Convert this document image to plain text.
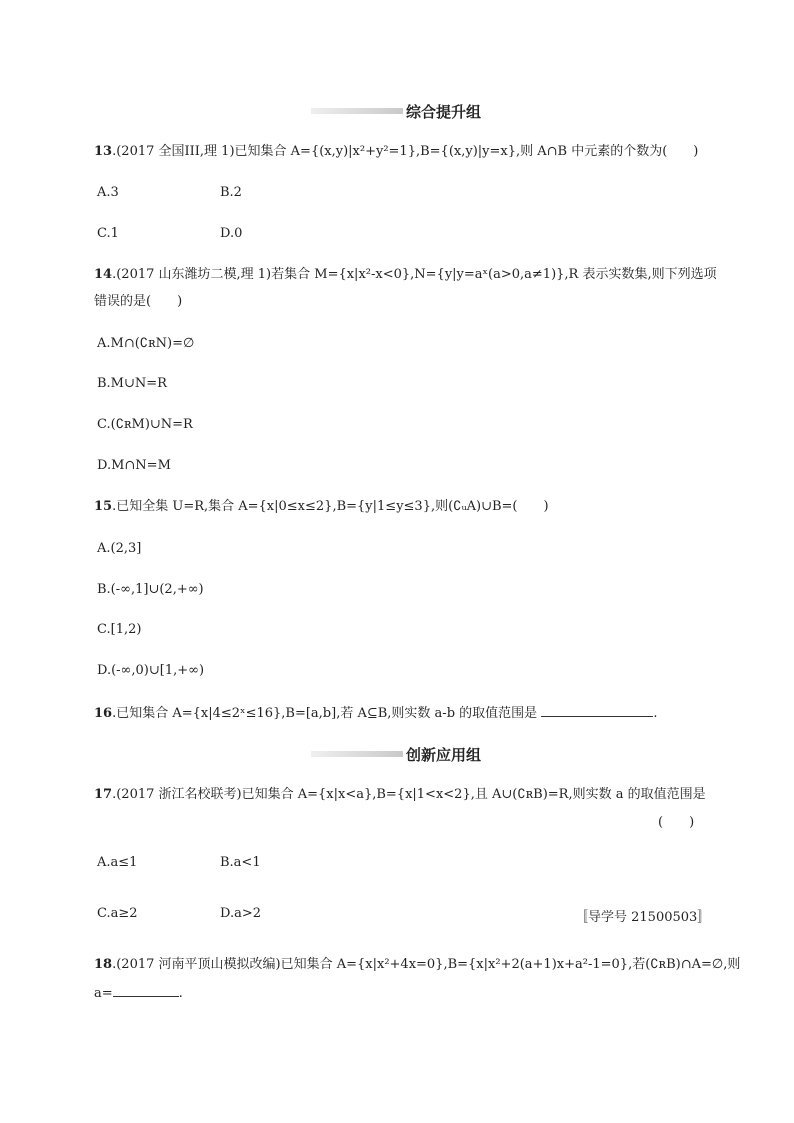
综合提升组
13.(2017 全国III,理 1)已知集合 A={(x,y)|x²+y²=1},B={(x,y)|y=x},则 A∩B 中元素的个数为(　　)
A.3	B.2
C.1	D.0
14.(2017 山东潍坊二模,理 1)若集合 M={x|x²-x<0},N={y|y=aˣ(a>0,a≠1)},R 表示实数集,则下列选项
错误的是(　　)
A.M∩(∁ʀN)=∅
B.M∪N=R
C.(∁ʀM)∪N=R
D.M∩N=M
15.已知全集 U=R,集合 A={x|0≤x≤2},B={y|1≤y≤3},则(∁ᵤA)∪B=(　　)
A.(2,3]
B.(-∞,1]∪(2,+∞)
C.[1,2)
D.(-∞,0)∪[1,+∞)
16.已知集合 A={x|4≤2ˣ≤16},B=[a,b],若 A⊆B,则实数 a-b 的取值范围是	.
创新应用组
17.(2017 浙江名校联考)已知集合 A={x|x<a},B={x|1<x<2},且 A∪(∁ʀB)=R,则实数 a 的取值范围是
(　　)
A.a≤1	B.a<1
C.a≥2	D.a>2	〚导学号 21500503〛
18.(2017 河南平顶山模拟改编)已知集合 A={x|x²+4x=0},B={x|x²+2(a+1)x+a²-1=0},若(∁ʀB)∩A=∅,则
a=	.
